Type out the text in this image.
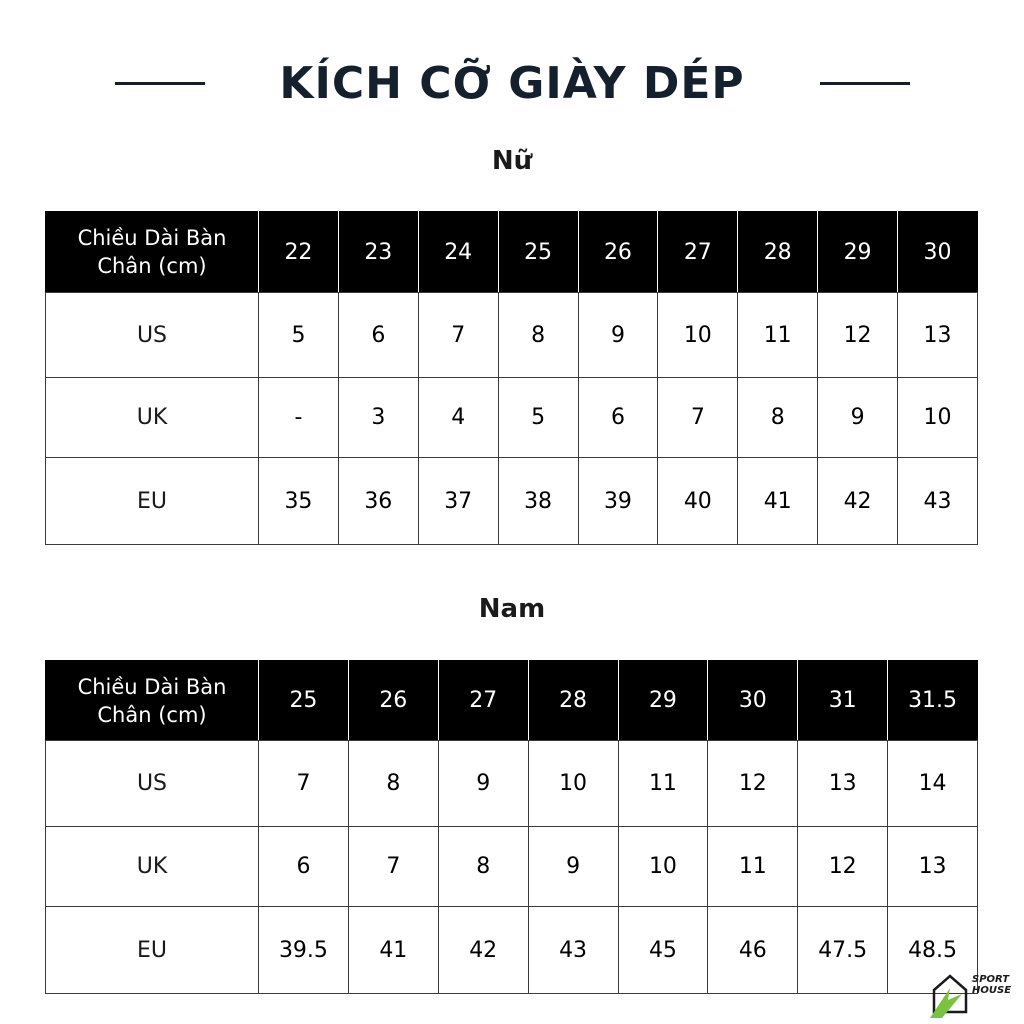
KÍCH CỠ GIÀY DÉP
Nữ
Chiều Dài Bàn
Chân (cm)	22	23	24	25	26	27	28	29	30
US	5	6	7	8	9	10	11	12	13
UK	-	3	4	5	6	7	8	9	10
EU	35	36	37	38	39	40	41	42	43
Nam
Chiều Dài Bàn
Chân (cm)	25	26	27	28	29	30	31	31.5
US	7	8	9	10	11	12	13	14
UK	6	7	8	9	10	11	12	13
EU	39.5	41	42	43	45	46	47.5	48.5
SPORT
HOUSE
